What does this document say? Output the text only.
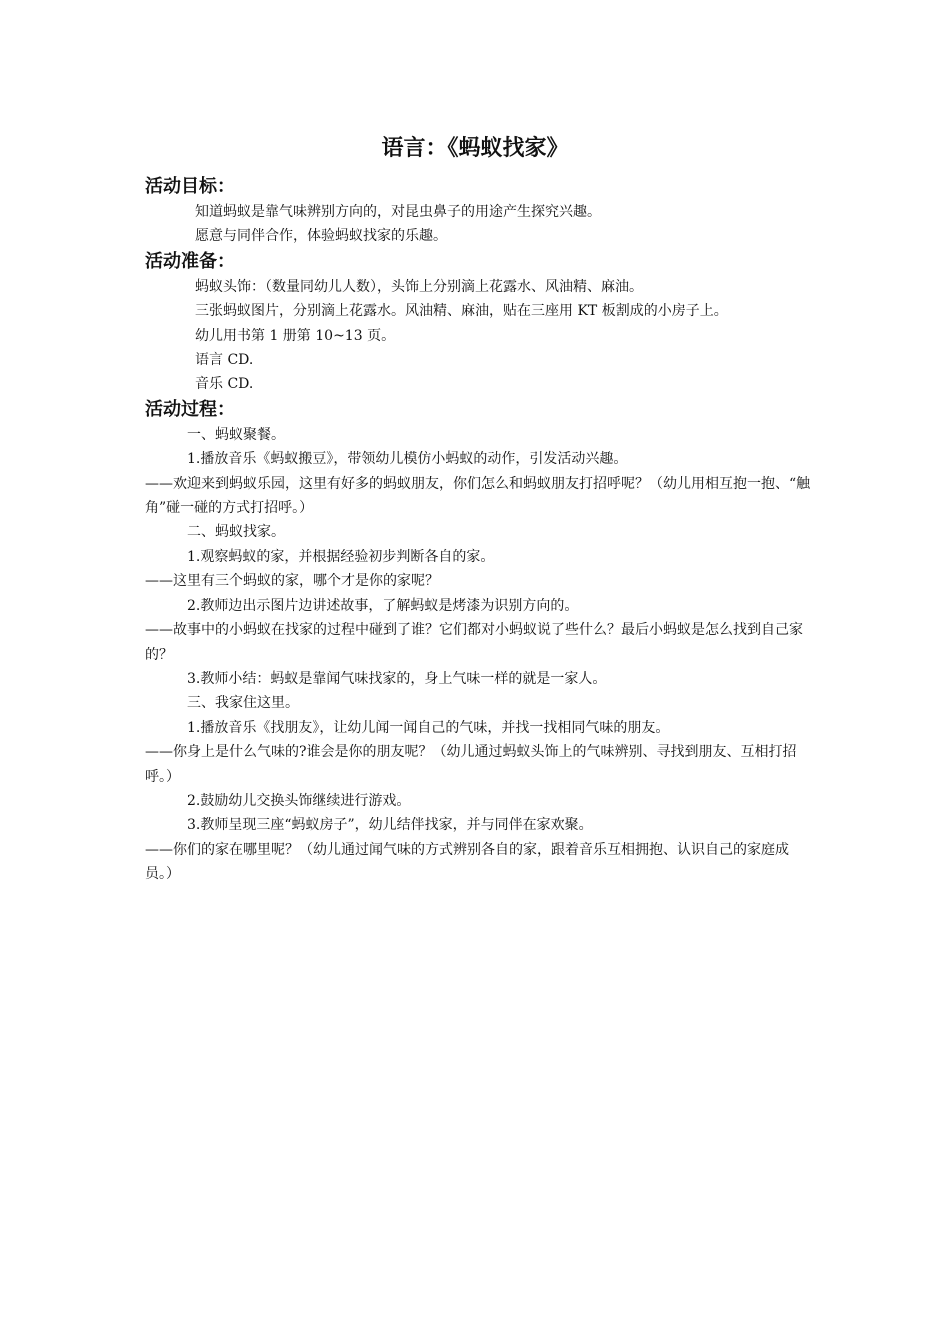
语言：《蚂蚁找家》
活动目标：

知道蚂蚁是靠气味辨别方向的，对昆虫鼻子的用途产生探究兴趣。

愿意与同伴合作，体验蚂蚁找家的乐趣。

活动准备：

蚂蚁头饰：（数量同幼儿人数），头饰上分别滴上花露水、风油精、麻油。

三张蚂蚁图片，分别滴上花露水。风油精、麻油，贴在三座用 KT 板割成的小房子上。

幼儿用书第 1 册第 10~13 页。

语言 CD.

音乐 CD.

活动过程：

一、蚂蚁聚餐。

1.播放音乐《蚂蚁搬豆》，带领幼儿模仿小蚂蚁的动作，引发活动兴趣。

——欢迎来到蚂蚁乐园，这里有好多的蚂蚁朋友，你们怎么和蚂蚁朋友打招呼呢？（幼儿用相互抱一抱、“触角”碰一碰的方式打招呼。）

二、蚂蚁找家。

1.观察蚂蚁的家，并根据经验初步判断各自的家。

——这里有三个蚂蚁的家，哪个才是你的家呢？

2.教师边出示图片边讲述故事，了解蚂蚁是烤漆为识别方向的。

——故事中的小蚂蚁在找家的过程中碰到了谁？它们都对小蚂蚁说了些什么？最后小蚂蚁是怎么找到自己家的？

3.教师小结：蚂蚁是靠闻气味找家的，身上气味一样的就是一家人。

三、我家住这里。

1.播放音乐《找朋友》，让幼儿闻一闻自己的气味，并找一找相同气味的朋友。

——你身上是什么气味的?谁会是你的朋友呢？（幼儿通过蚂蚁头饰上的气味辨别、寻找到朋友、互相打招呼。）

2.鼓励幼儿交换头饰继续进行游戏。

3.教师呈现三座“蚂蚁房子”，幼儿结伴找家，并与同伴在家欢聚。

——你们的家在哪里呢？（幼儿通过闻气味的方式辨别各自的家，跟着音乐互相拥抱、认识自己的家庭成员。）
